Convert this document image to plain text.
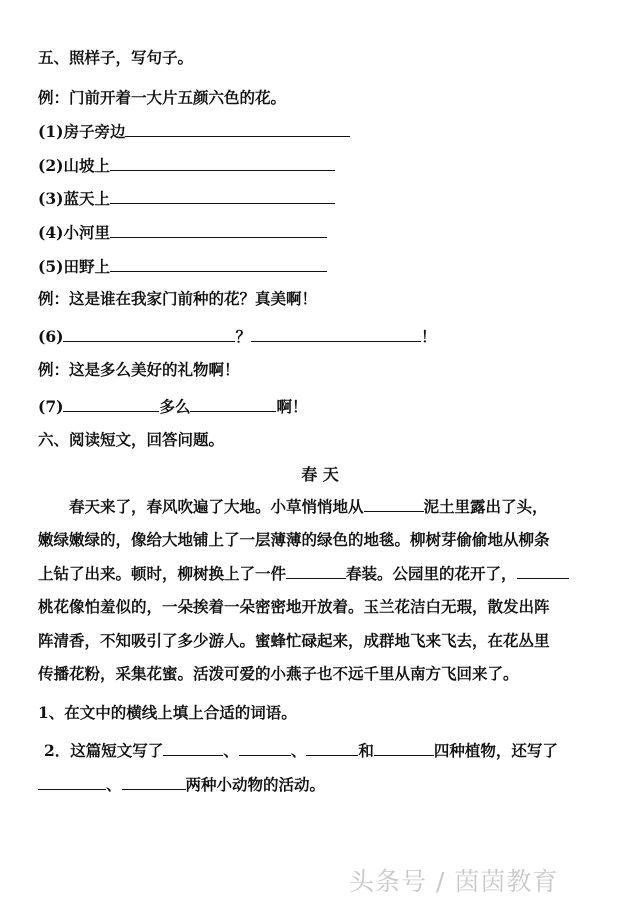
五、照样子，写句子。
例：门前开着一大片五颜六色的花。
(1)房子旁边
(2)山坡上
(3)蓝天上
(4)小河里
(5)田野上
例：这是谁在我家门前种的花？真美啊！
(6)	？	！
例：这是多么美好的礼物啊！
(7)	多么	啊！
六、阅读短文，回答问题。
春 天
春天来了，春风吹遍了大地。小草悄悄地从	泥土里露出了头，
嫩绿嫩绿的，像给大地铺上了一层薄薄的绿色的地毯。柳树芽偷偷地从柳条
上钻了出来。顿时，柳树换上了一件	春装。公园里的花开了，
桃花像怕羞似的，一朵挨着一朵密密地开放着。玉兰花洁白无瑕，散发出阵
阵清香，不知吸引了多少游人。蜜蜂忙碌起来，成群地飞来飞去，在花丛里
传播花粉，采集花蜜。活泼可爱的小燕子也不远千里从南方飞回来了。
1、在文中的横线上填上合适的词语。
2．这篇短文写了	、	、	和	四种植物，还写了
、	两种小动物的活动。
头条号 / 茵茵教育
